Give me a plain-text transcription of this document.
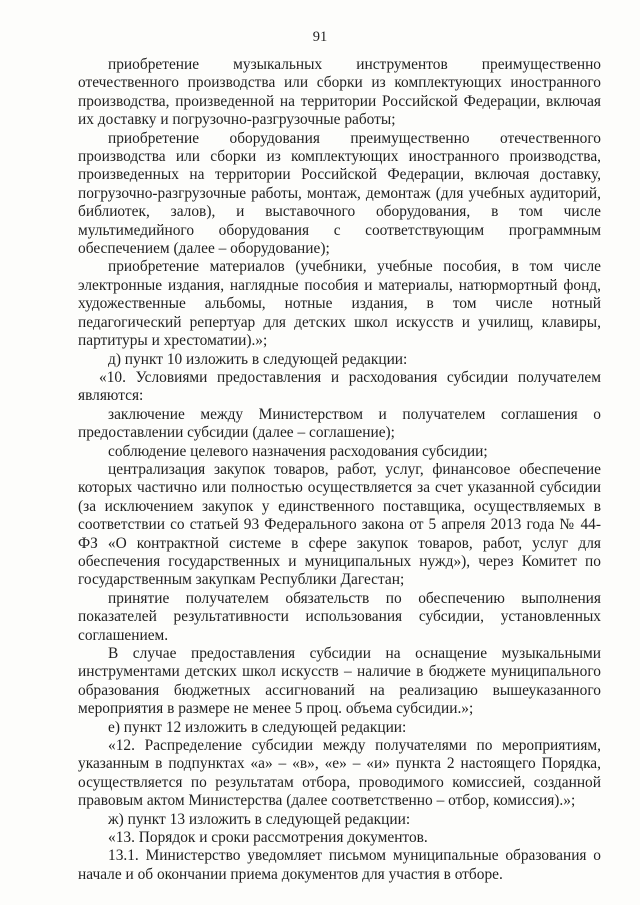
91

приобретение музыкальных инструментов преимущественно отечественного производства или сборки из комплектующих иностранного производства, произведенной на территории Российской Федерации, включая их доставку и погрузочно-разгрузочные работы;

приобретение оборудования преимущественно отечественного производства или сборки из комплектующих иностранного производства, произведенных на территории Российской Федерации, включая доставку, погрузочно-разгрузочные работы, монтаж, демонтаж (для учебных аудиторий, библиотек, залов), и выставочного оборудования, в том числе мультимедийного оборудования с соответствующим программным обеспечением (далее – оборудование);

приобретение материалов (учебники, учебные пособия, в том числе электронные издания, наглядные пособия и материалы, натюрмортный фонд, художественные альбомы, нотные издания, в том числе нотный педагогический репертуар для детских школ искусств и училищ, клавиры, партитуры и хрестоматии).»;

д) пункт 10 изложить в следующей редакции:

«10. Условиями предоставления и расходования субсидии получателем являются:

заключение между Министерством и получателем соглашения о предоставлении субсидии (далее – соглашение);

соблюдение целевого назначения расходования субсидии;

централизация закупок товаров, работ, услуг, финансовое обеспечение которых частично или полностью осуществляется за счет указанной субсидии (за исключением закупок у единственного поставщика, осуществляемых в соответствии со статьей 93 Федерального закона от 5 апреля 2013 года № 44-ФЗ «О контрактной системе в сфере закупок товаров, работ, услуг для обеспечения государственных и муниципальных нужд»), через Комитет по государственным закупкам Республики Дагестан;

принятие получателем обязательств по обеспечению выполнения показателей результативности использования субсидии, установленных соглашением.

В случае предоставления субсидии на оснащение музыкальными инструментами детских школ искусств – наличие в бюджете муниципального образования бюджетных ассигнований на реализацию вышеуказанного мероприятия в размере не менее 5 проц. объема субсидии.»;

е) пункт 12 изложить в следующей редакции:

«12. Распределение субсидии между получателями по мероприятиям, указанным в подпунктах «а» – «в», «е» – «и» пункта 2 настоящего Порядка, осуществляется по результатам отбора, проводимого комиссией, созданной правовым актом Министерства (далее соответственно – отбор, комиссия).»;

ж) пункт 13 изложить в следующей редакции:

«13. Порядок и сроки рассмотрения документов.

13.1. Министерство уведомляет письмом муниципальные образования о начале и об окончании приема документов для участия в отборе.
